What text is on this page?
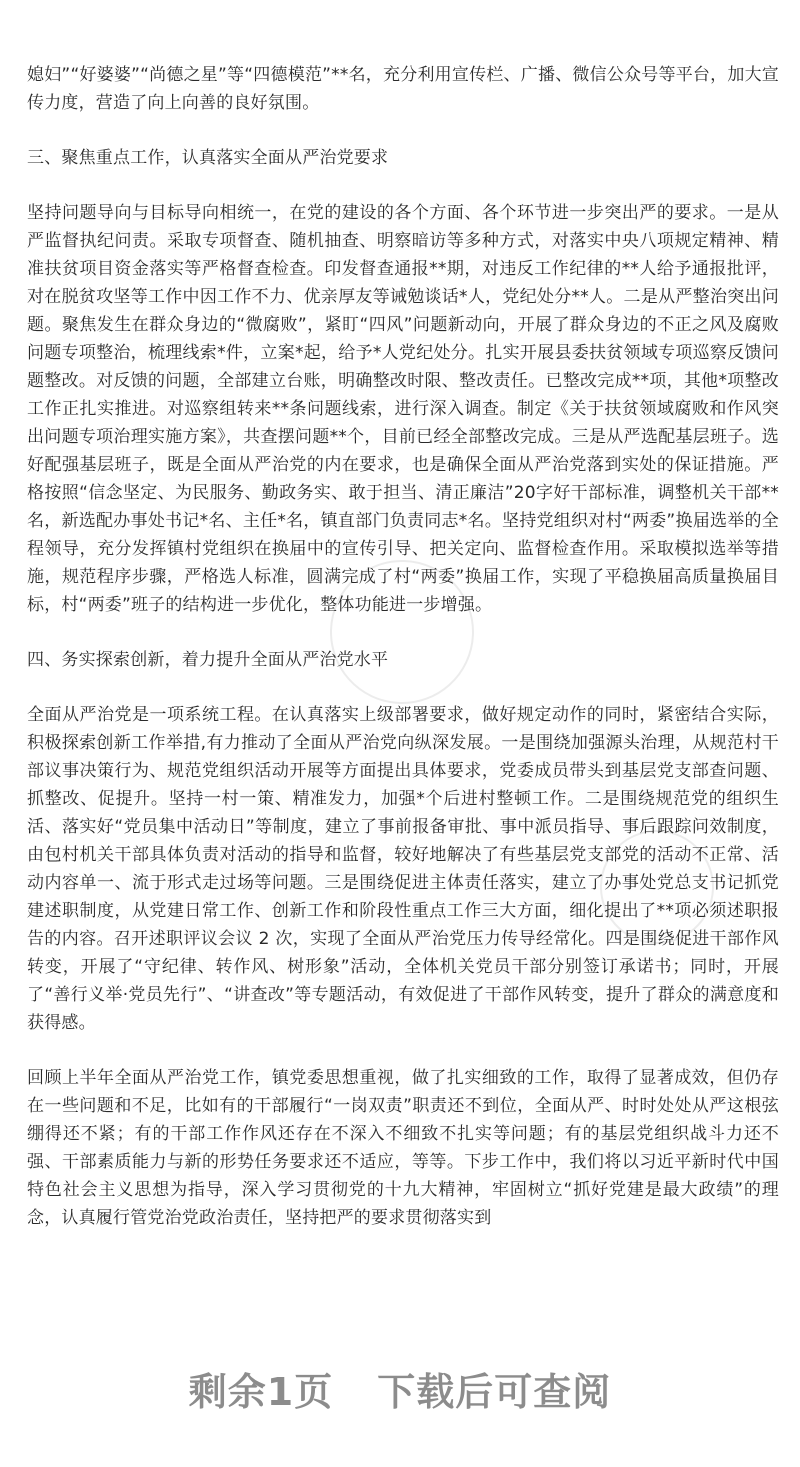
媳妇”“好婆婆”“尚德之星”等“四德模范”**名，充分利用宣传栏、广播、微信公众号等平台，加大宣传力度，营造了向上向善的良好氛围。

三、聚焦重点工作，认真落实全面从严治党要求

坚持问题导向与目标导向相统一，在党的建设的各个方面、各个环节进一步突出严的要求。一是从严监督执纪问责。采取专项督查、随机抽查、明察暗访等多种方式，对落实中央八项规定精神、精准扶贫项目资金落实等严格督查检查。印发督查通报**期，对违反工作纪律的**人给予通报批评，对在脱贫攻坚等工作中因工作不力、优亲厚友等诫勉谈话*人，党纪处分**人。二是从严整治突出问题。聚焦发生在群众身边的“微腐败”，紧盯“四风”问题新动向，开展了群众身边的不正之风及腐败问题专项整治，梳理线索*件，立案*起，给予*人党纪处分。扎实开展县委扶贫领域专项巡察反馈问题整改。对反馈的问题，全部建立台账，明确整改时限、整改责任。已整改完成**项，其他*项整改工作正扎实推进。对巡察组转来**条问题线索，进行深入调查。制定《关于扶贫领域腐败和作风突出问题专项治理实施方案》，共查摆问题**个，目前已经全部整改完成。三是从严选配基层班子。选好配强基层班子，既是全面从严治党的内在要求，也是确保全面从严治党落到实处的保证措施。严格按照“信念坚定、为民服务、勤政务实、敢于担当、清正廉洁”20字好干部标准，调整机关干部**名，新选配办事处书记*名、主任*名，镇直部门负责同志*名。坚持党组织对村“两委”换届选举的全程领导，充分发挥镇村党组织在换届中的宣传引导、把关定向、监督检查作用。采取模拟选举等措施，规范程序步骤，严格选人标准，圆满完成了村“两委”换届工作，实现了平稳换届高质量换届目标，村“两委”班子的结构进一步优化，整体功能进一步增强。

四、务实探索创新，着力提升全面从严治党水平

全面从严治党是一项系统工程。在认真落实上级部署要求，做好规定动作的同时，紧密结合实际，积极探索创新工作举措,有力推动了全面从严治党向纵深发展。一是围绕加强源头治理，从规范村干部议事决策行为、规范党组织活动开展等方面提出具体要求，党委成员带头到基层党支部查问题、抓整改、促提升。坚持一村一策、精准发力，加强*个后进村整顿工作。二是围绕规范党的组织生活、落实好“党员集中活动日”等制度，建立了事前报备审批、事中派员指导、事后跟踪问效制度，由包村机关干部具体负责对活动的指导和监督，较好地解决了有些基层党支部党的活动不正常、活动内容单一、流于形式走过场等问题。三是围绕促进主体责任落实，建立了办事处党总支书记抓党建述职制度，从党建日常工作、创新工作和阶段性重点工作三大方面，细化提出了**项必须述职报告的内容。召开述职评议会议 2 次，实现了全面从严治党压力传导经常化。四是围绕促进干部作风转变，开展了“守纪律、转作风、树形象”活动，全体机关党员干部分别签订承诺书；同时，开展了“善行义举·党员先行”、“讲查改”等专题活动，有效促进了干部作风转变，提升了群众的满意度和获得感。

回顾上半年全面从严治党工作，镇党委思想重视，做了扎实细致的工作，取得了显著成效，但仍存在一些问题和不足，比如有的干部履行“一岗双责”职责还不到位，全面从严、时时处处从严这根弦绷得还不紧；有的干部工作作风还存在不深入不细致不扎实等问题；有的基层党组织战斗力还不强、干部素质能力与新的形势任务要求还不适应，等等。下步工作中，我们将以习近平新时代中国特色社会主义思想为指导，深入学习贯彻党的十九大精神，牢固树立“抓好党建是最大政绩”的理念，认真履行管党治党政治责任，坚持把严的要求贯彻落实到

剩余1页 下载后可查阅
